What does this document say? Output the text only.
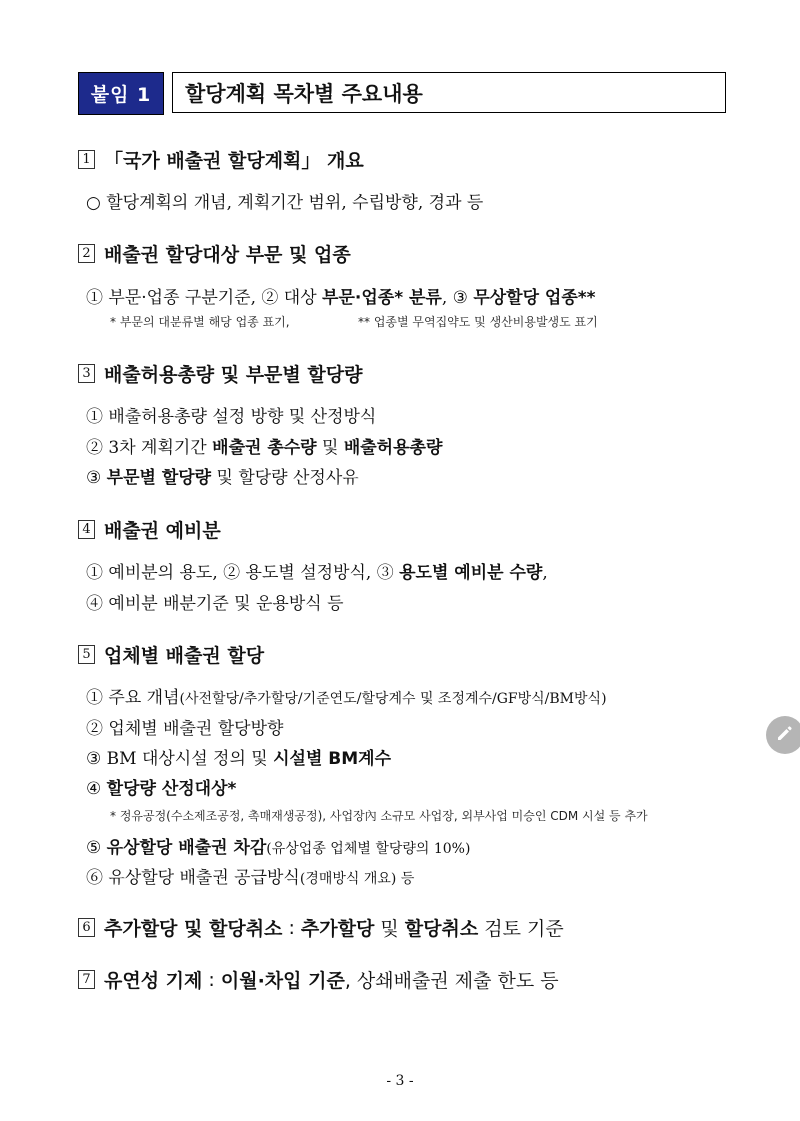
붙임 1	할당계획 목차별 주요내용
1 「국가 배출권 할당계획」 개요
○ 할당계획의 개념, 계획기간 범위, 수립방향, 경과 등
2 배출권 할당대상 부문 및 업종
① 부문·업종 구분기준, ② 대상 부문·업종* 분류, ③ 무상할당 업종**
* 부문의 대분류별 해당 업종 표기,	** 업종별 무역집약도 및 생산비용발생도 표기
3 배출허용총량 및 부문별 할당량
① 배출허용총량 설정 방향 및 산정방식
② 3차 계획기간 배출권 총수량 및 배출허용총량
③ 부문별 할당량 및 할당량 산정사유
4 배출권 예비분
① 예비분의 용도, ② 용도별 설정방식, ③ 용도별 예비분 수량,
④ 예비분 배분기준 및 운용방식 등
5 업체별 배출권 할당
① 주요 개념(사전할당/추가할당/기준연도/할당계수 및 조정계수/GF방식/BM방식)
② 업체별 배출권 할당방향
③ BM 대상시설 정의 및 시설별 BM계수
④ 할당량 산정대상*
* 정유공정(수소제조공정, 촉매재생공정), 사업장內 소규모 사업장, 외부사업 미승인 CDM 시설 등 추가
⑤ 유상할당 배출권 차감(유상업종 업체별 할당량의 10%)
⑥ 유상할당 배출권 공급방식(경매방식 개요) 등
6 추가할당 및 할당취소 : 추가할당 및 할당취소 검토 기준
7 유연성 기제 : 이월·차입 기준 , 상쇄배출권 제출 한도 등
- 3 -
